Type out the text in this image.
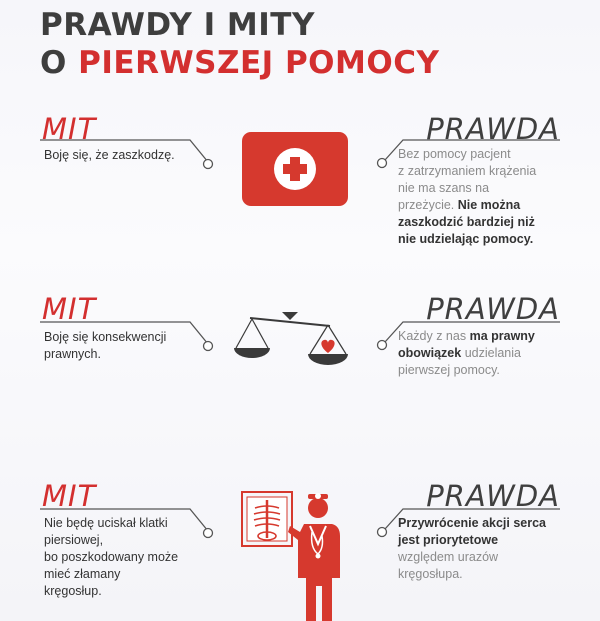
PRAWDY I MITY
O PIERWSZEJ POMOCY
MIT
Boję się, że zaszkodzę.
PRAWDA
Bez pomocy pacjent
z zatrzymaniem krążenia
nie ma szans na
przeżycie. Nie można
zaszkodzić bardziej niż
nie udzielając pomocy.
MIT
Boję się konsekwencji
prawnych.
PRAWDA
Każdy z nas ma prawny
obowiązek udzielania
pierwszej pomocy.
MIT
Nie będę uciskał klatki
piersiowej,
bo poszkodowany może
mieć złamany
kręgosłup.
PRAWDA
Przywrócenie akcji serca
jest priorytetowe
względem urazów
kręgosłupa.
